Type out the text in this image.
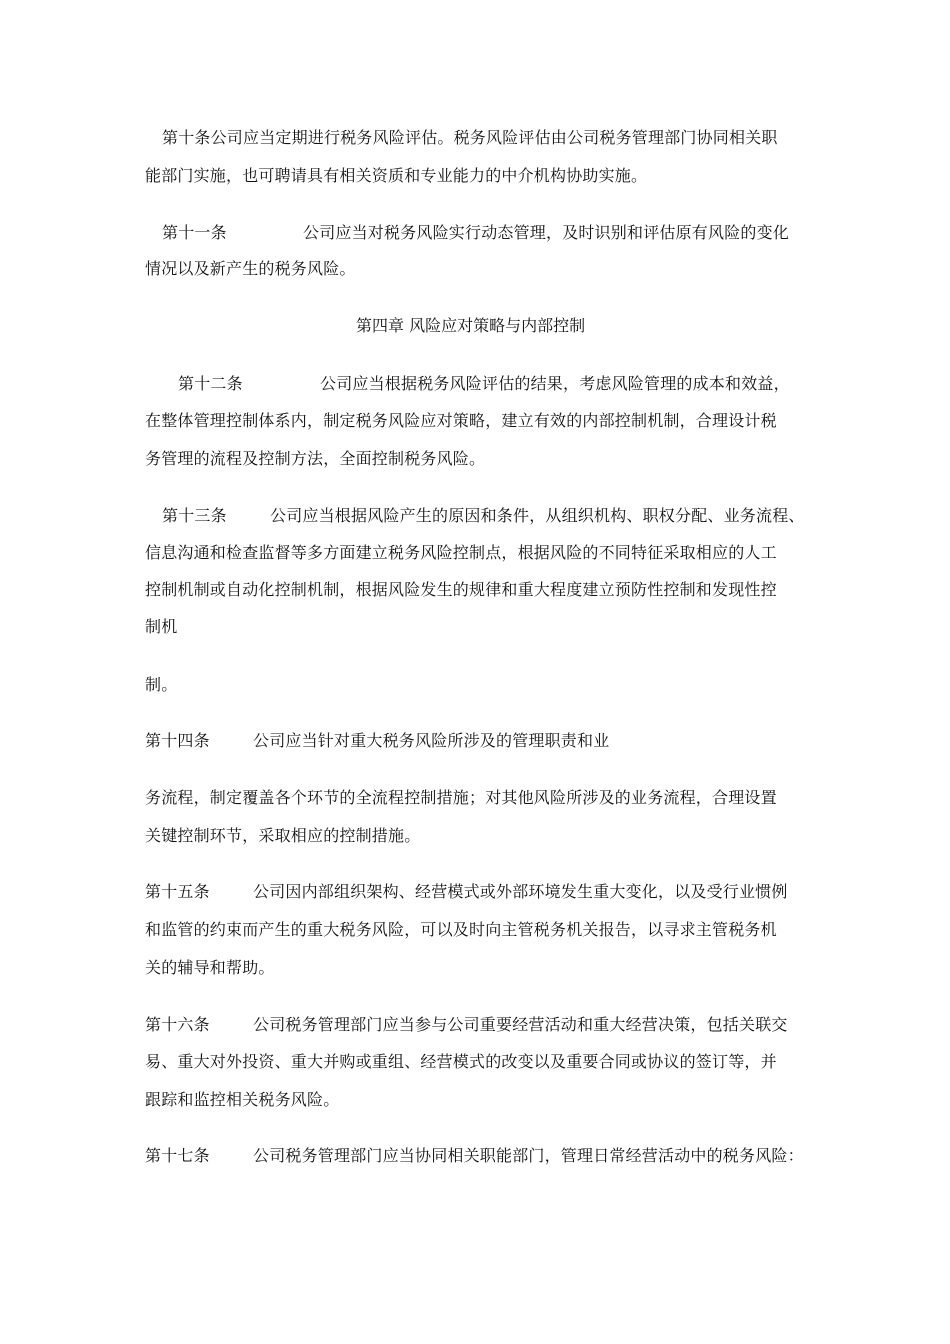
第十条公司应当定期进行税务风险评估。税务风险评估由公司税务管理部门协同相关职
能部门实施，也可聘请具有相关资质和专业能力的中介机构协助实施。
第十一条	公司应当对税务风险实行动态管理，及时识别和评估原有风险的变化
情况以及新产生的税务风险。
第四章 风险应对策略与内部控制
第十二条	公司应当根据税务风险评估的结果，考虑风险管理的成本和效益，
在整体管理控制体系内，制定税务风险应对策略，建立有效的内部控制机制，合理设计税
务管理的流程及控制方法，全面控制税务风险。
第十三条	公司应当根据风险产生的原因和条件，从组织机构、职权分配、业务流程、
信息沟通和检查监督等多方面建立税务风险控制点，根据风险的不同特征采取相应的人工
控制机制或自动化控制机制，根据风险发生的规律和重大程度建立预防性控制和发现性控
制机
制。
第十四条	公司应当针对重大税务风险所涉及的管理职责和业
务流程，制定覆盖各个环节的全流程控制措施；对其他风险所涉及的业务流程，合理设置
关键控制环节，采取相应的控制措施。
第十五条	公司因内部组织架构、经营模式或外部环境发生重大变化，以及受行业惯例
和监管的约束而产生的重大税务风险，可以及时向主管税务机关报告，以寻求主管税务机
关的辅导和帮助。
第十六条	公司税务管理部门应当参与公司重要经营活动和重大经营决策，包括关联交
易、重大对外投资、重大并购或重组、经营模式的改变以及重要合同或协议的签订等，并
跟踪和监控相关税务风险。
第十七条	公司税务管理部门应当协同相关职能部门，管理日常经营活动中的税务风险：
